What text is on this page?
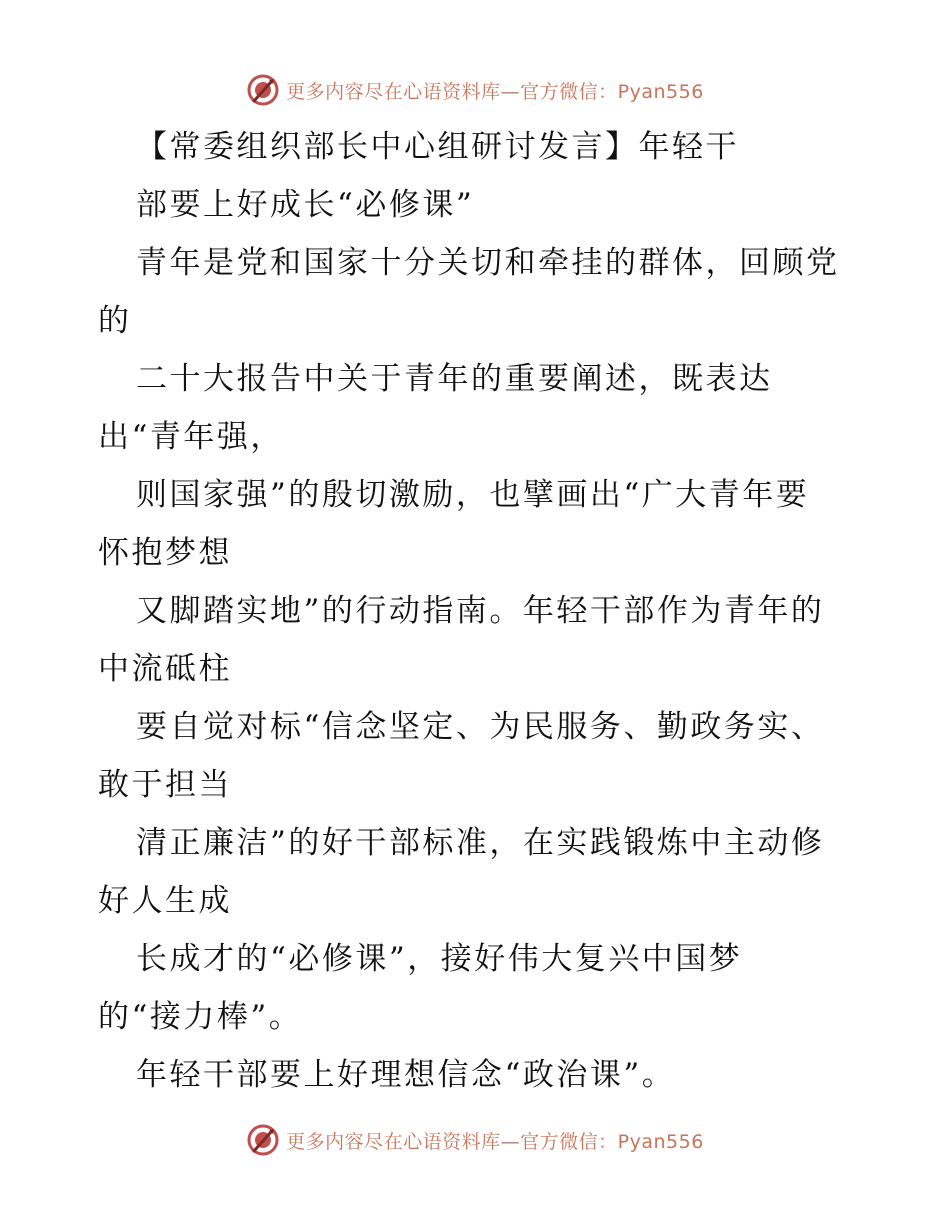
更多内容尽在心语资料库—官方微信：Pyan556
【常委组织部长中心组研讨发言】年轻干
部要上好成长“必修课”
青年是党和国家十分关切和牵挂的群体，回顾党
的
二十大报告中关于青年的重要阐述，既表达
出“青年强，
则国家强”的殷切激励，也擘画出“广大青年要
怀抱梦想
又脚踏实地”的行动指南。年轻干部作为青年的
中流砥柱
要自觉对标“信念坚定、为民服务、勤政务实、
敢于担当
清正廉洁”的好干部标准，在实践锻炼中主动修
好人生成
长成才的“必修课”，接好伟大复兴中国梦
的“接力棒”。
年轻干部要上好理想信念“政治课”。
更多内容尽在心语资料库—官方微信：Pyan556
